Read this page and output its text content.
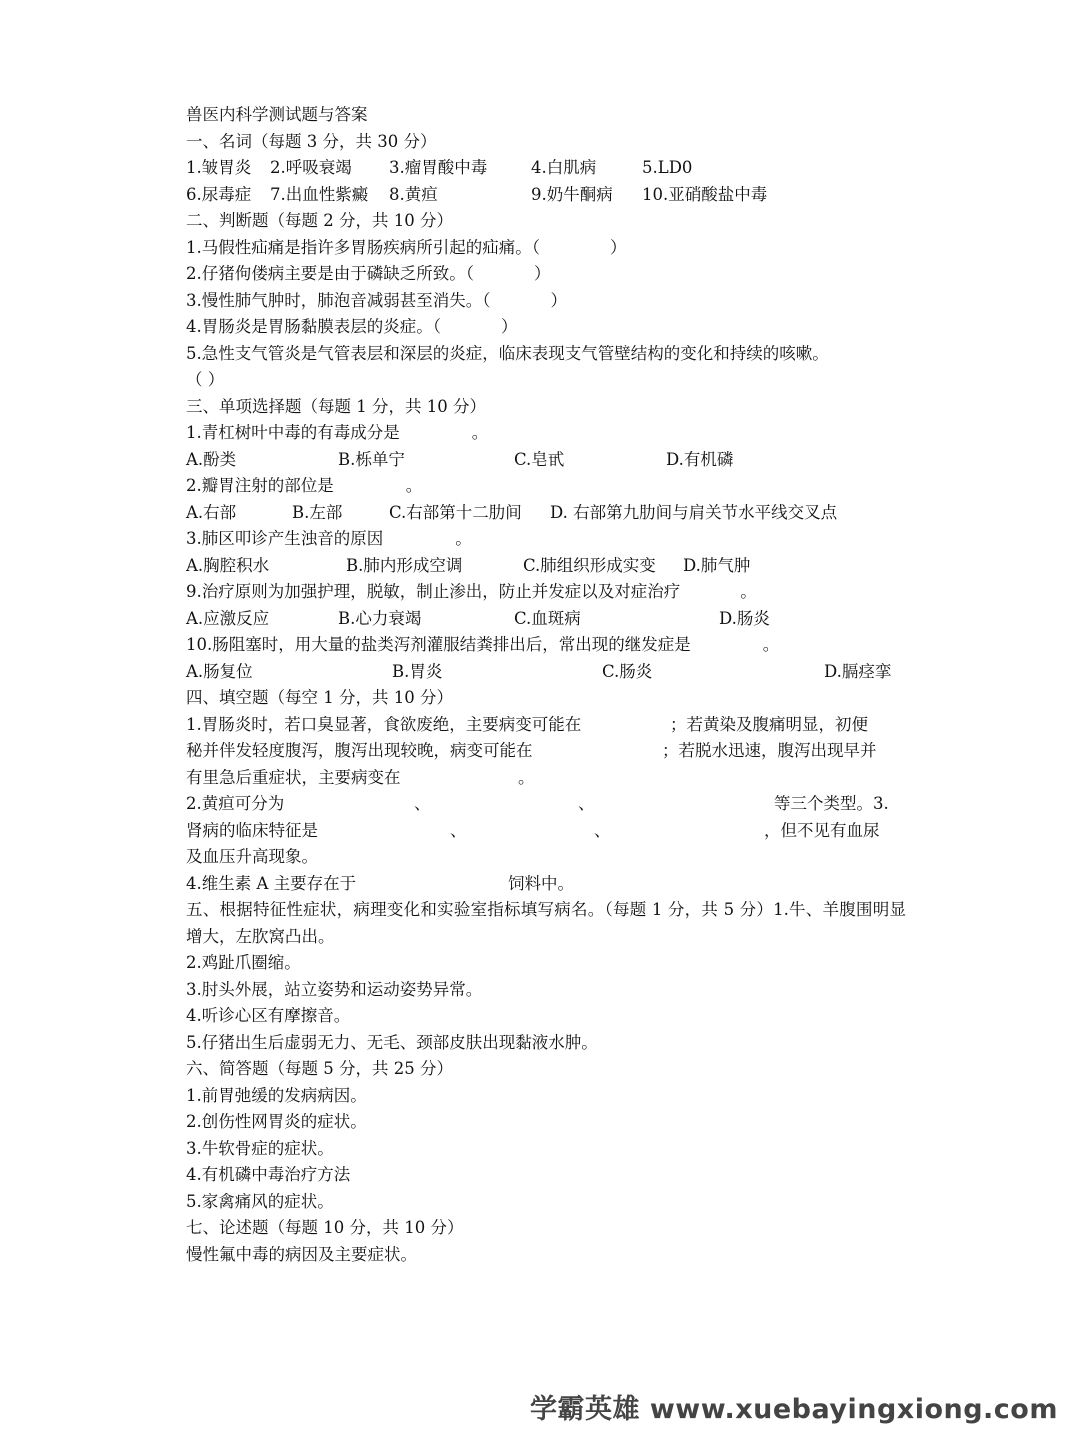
兽医内科学测试题与答案
一、名词（每题 3 分，共 30 分）
1.皱胃炎 2.呼吸衰竭 3.瘤胃酸中毒	4.白肌病	5.LD0
6.尿毒症 7.出血性紫癜 8.黄疸	9.奶牛酮病 10.亚硝酸盐中毒
二、判断题（每题 2 分，共 10 分）
1.马假性疝痛是指许多胃肠疾病所引起的疝痛。（	）
2.仔猪佝偻病主要是由于磷缺乏所致。（	）
3.慢性肺气肿时，肺泡音减弱甚至消失。（	）
4.胃肠炎是胃肠黏膜表层的炎症。（	）
5.急性支气管炎是气管表层和深层的炎症，临床表现支气管壁结构的变化和持续的咳嗽。
（ ）
三、单项选择题（每题 1 分，共 10 分）
1.青杠树叶中毒的有毒成分是	。
A.酚类	B.栎单宁	C.皂甙	D.有机磷
2.瓣胃注射的部位是	。
A.右部	B.左部	C.右部第十二肋间 D. 右部第九肋间与肩关节水平线交叉点
3.肺区叩诊产生浊音的原因	。
A.胸腔积水	B.肺内形成空调	C.肺组织形成实变 D.肺气肿
9.治疗原则为加强护理，脱敏，制止渗出，防止并发症以及对症治疗	。
A.应激反应	B.心力衰竭	C.血斑病	D.肠炎
10.肠阻塞时，用大量的盐类泻剂灌服结粪排出后，常出现的继发症是	。
A.肠复位	B.胃炎	C.肠炎	D.膈痉挛
四、填空题（每空 1 分，共 10 分）
1.胃肠炎时，若口臭显著，食欲废绝，主要病变可能在	；若黄染及腹痛明显，初便
秘并伴发轻度腹泻，腹泻出现较晚，病变可能在	；若脱水迅速，腹泻出现早并
有里急后重症状，主要病变在	。
2.黄疸可分为	、	、	等三个类型。3.
肾病的临床特征是	、	、	，但不见有血尿
及血压升高现象。
4.维生素 A 主要存在于	饲料中。
五、根据特征性症状，病理变化和实验室指标填写病名。（每题 1 分，共 5 分）1.牛、羊腹围明显增大，左肷窝凸出。
2.鸡趾爪圈缩。
3.肘头外展，站立姿势和运动姿势异常。
4.听诊心区有摩擦音。
5.仔猪出生后虚弱无力、无毛、颈部皮肤出现黏液水肿。
六、简答题（每题 5 分，共 25 分）
1.前胃弛缓的发病病因。
2.创伤性网胃炎的症状。
3.牛软骨症的症状。
4.有机磷中毒治疗方法
5.家禽痛风的症状。
七、论述题（每题 10 分，共 10 分）
慢性氟中毒的病因及主要症状。
学霸英雄 www.xuebayingxiong.com
